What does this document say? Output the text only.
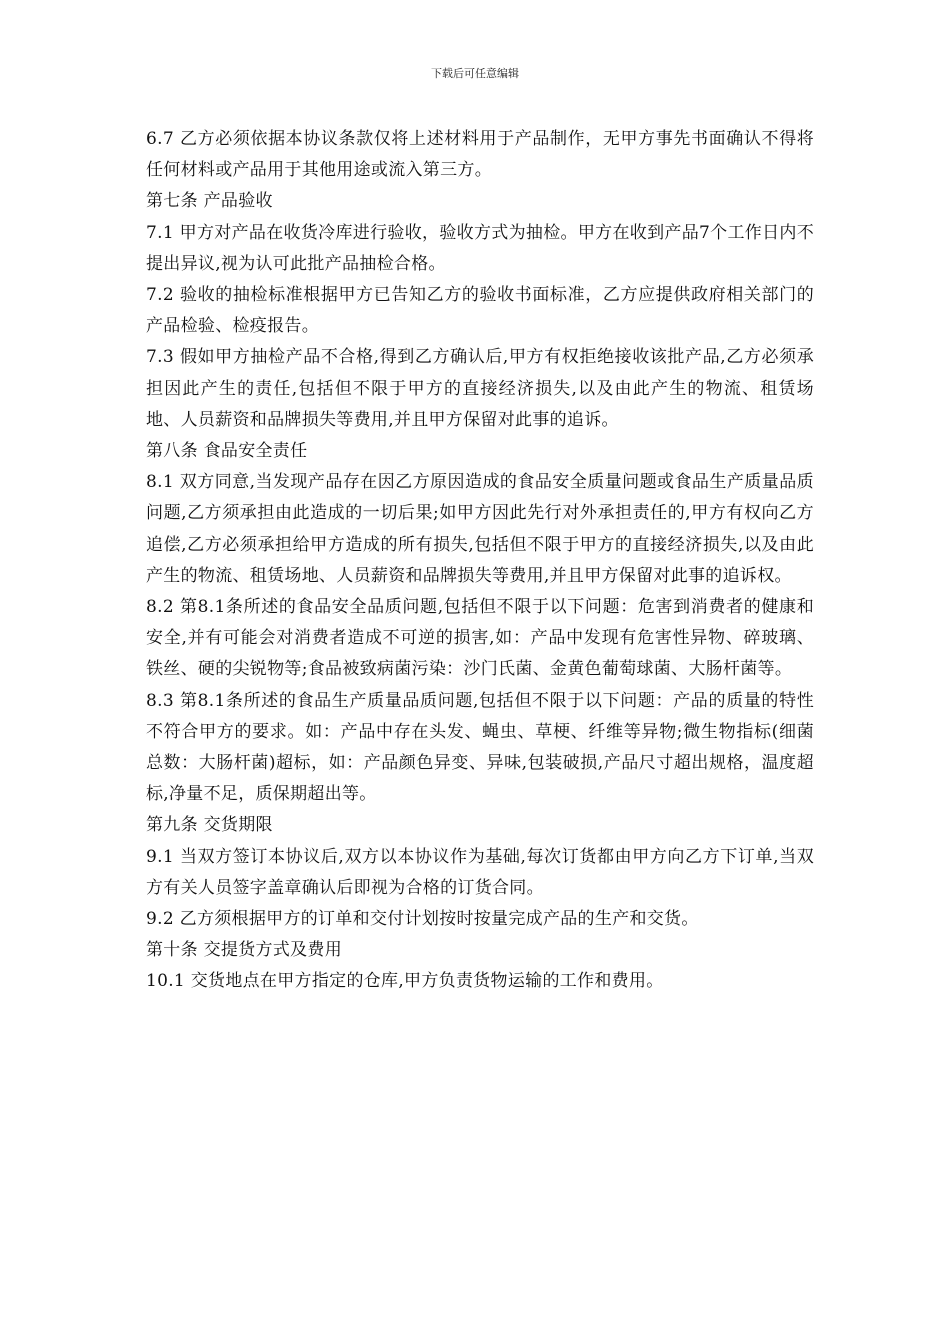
下载后可任意编辑

6.7 乙方必须依据本协议条款仅将上述材料用于产品制作，无甲方事先书面确认不得将任何材料或产品用于其他用途或流入第三方。

第七条 产品验收

7.1 甲方对产品在收货冷库进行验收，验收方式为抽检。甲方在收到产品7个工作日内不提出异议,视为认可此批产品抽检合格。

7.2 验收的抽检标准根据甲方已告知乙方的验收书面标准，乙方应提供政府相关部门的产品检验、检疫报告。

7.3 假如甲方抽检产品不合格,得到乙方确认后,甲方有权拒绝接收该批产品,乙方必须承担因此产生的责任,包括但不限于甲方的直接经济损失,以及由此产生的物流、租赁场地、人员薪资和品牌损失等费用,并且甲方保留对此事的追诉。

第八条 食品安全责任

8.1 双方同意,当发现产品存在因乙方原因造成的食品安全质量问题或食品生产质量品质问题,乙方须承担由此造成的一切后果;如甲方因此先行对外承担责任的,甲方有权向乙方追偿,乙方必须承担给甲方造成的所有损失,包括但不限于甲方的直接经济损失,以及由此产生的物流、租赁场地、人员薪资和品牌损失等费用,并且甲方保留对此事的追诉权。

8.2 第8.1条所述的食品安全品质问题,包括但不限于以下问题：危害到消费者的健康和安全,并有可能会对消费者造成不可逆的损害,如：产品中发现有危害性异物、碎玻璃、铁丝、硬的尖锐物等;食品被致病菌污染：沙门氏菌、金黄色葡萄球菌、大肠杆菌等。

8.3 第8.1条所述的食品生产质量品质问题,包括但不限于以下问题：产品的质量的特性不符合甲方的要求。如：产品中存在头发、蝇虫、草梗、纤维等异物;微生物指标(细菌总数：大肠杆菌)超标，如：产品颜色异变、异味,包装破损,产品尺寸超出规格，温度超标,净量不足，质保期超出等。

第九条 交货期限

9.1 当双方签订本协议后,双方以本协议作为基础,每次订货都由甲方向乙方下订单,当双方有关人员签字盖章确认后即视为合格的订货合同。

9.2 乙方须根据甲方的订单和交付计划按时按量完成产品的生产和交货。

第十条 交提货方式及费用

10.1 交货地点在甲方指定的仓库,甲方负责货物运输的工作和费用。
